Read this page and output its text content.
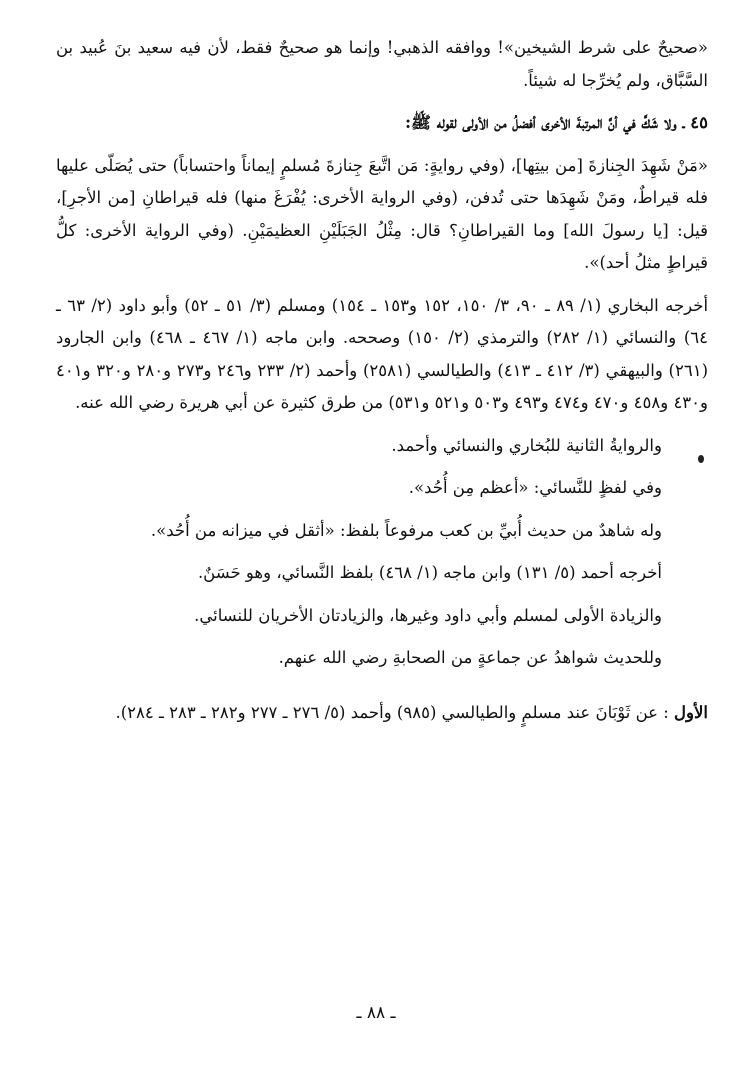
«صحيحٌ على شرط الشيخين»! ووافقه الذهبي! وإنما هو صحيحٌ فقط، لأن فيه سعيد بنَ عُبيد بن السَّبَّاق، ولم يُخرِّجا له شيئاً.

٤٥ ـ ولا شَكَّ في أنَّ المرتبةَ الأخرى أفضلُ من الأولى لقوله ﷺ:

«مَنْ شَهِدَ الجِنازةَ [من بيتِها]، (وفي روايةٍ: مَن اتَّبعَ جِنازةَ مُسلمٍ إيماناً واحتساباً) حتى يُصَلّى عليها فله قيراطٌ، ومَنْ شَهِدَها حتى تُدفن، (وفي الرواية الأخرى: يُفْرَغَ منها) فله قيراطانِ [من الأجرِ]، قيل: [يا رسولَ الله] وما القيراطانِ؟ قال: مِثْلُ الجَبَلَيْنِ العظيمَيْنِ. (وفي الرواية الأخرى: كلُّ قيراطٍ مثلُ أحد)».

أخرجه البخاري (١/ ٨٩ ـ ٩٠، ٣/ ١٥٠، ١٥٢ و١٥٣ ـ ١٥٤) ومسلم (٣/ ٥١ ـ ٥٢) وأبو داود (٢/ ٦٣ ـ ٦٤) والنسائي (١/ ٢٨٢) والترمذي (٢/ ١٥٠) وصححه. وابن ماجه (١/ ٤٦٧ ـ ٤٦٨) وابن الجارود (٢٦١) والبيهقي (٣/ ٤١٢ ـ ٤١٣) والطيالسي (٢٥٨١) وأحمد (٢/ ٢٣٣ و٢٤٦ و٢٧٣ و٢٨٠ و٣٢٠ و٤٠١ و٤٣٠ و٤٥٨ و٤٧٠ و٤٧٤ و٤٩٣ و٥٠٣ و٥٢١ و٥٣١) من طرق كثيرة عن أبي هريرة رضي الله عنه.

والروايةُ الثانية للبُخاري والنسائي وأحمد.

وفي لفظٍ للنَّسائي: «أعظم مِن أُحُد».

وله شاهدٌ من حديث أُبيِّ بن كعب مرفوعاً بلفظ: «أثقل في ميزانه من أُحُد».

أخرجه أحمد (٥/ ١٣١) وابن ماجه (١/ ٤٦٨) بلفظ النَّسائي، وهو حَسَنٌ.

والزيادة الأولى لمسلم وأبي داود وغيرها، والزيادتان الأخريان للنسائي.

وللحديث شواهدُ عن جماعةٍ من الصحابةِ رضي الله عنهم.

الأول : عن ثَوْبَانَ عند مسلمٍ والطيالسي (٩٨٥) وأحمد (٥/ ٢٧٦ ـ ٢٧٧ و٢٨٢ ـ ٢٨٣ ـ ٢٨٤).

ـ ٨٨ ـ
